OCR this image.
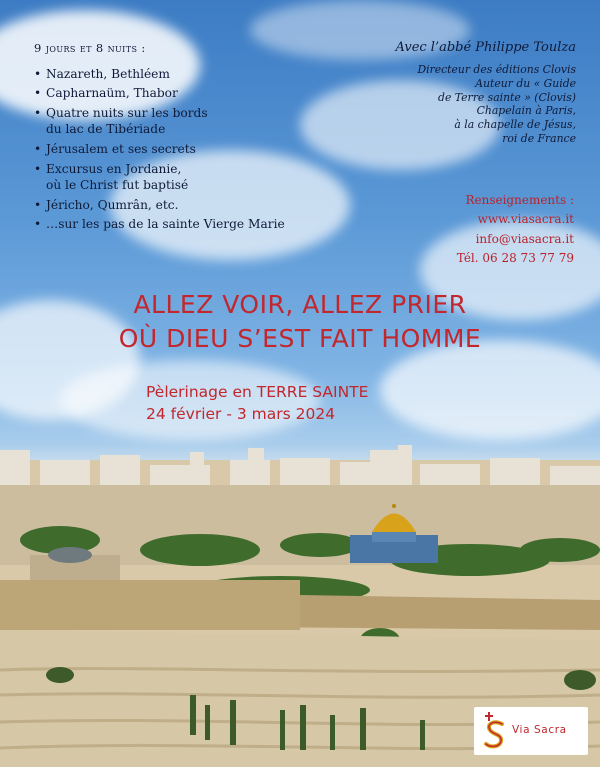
9 jours et 8 nuits :
• Nazareth, Bethléem
• Capharnaüm, Thabor
• Quatre nuits sur les bords
du lac de Tibériade
• Jérusalem et ses secrets
• Excursus en Jordanie,
où le Christ fut baptisé
• Jéricho, Qumrân, etc.
• …sur les pas de la sainte Vierge Marie
Avec l’abbé Philippe Toulza
Directeur des éditions Clovis
Auteur du « Guide
de Terre sainte » (Clovis)
Chapelain à Paris,
à la chapelle de Jésus,
roi de France
Renseignements :
www.viasacra.it
info@viasacra.it
Tél. 06 28 73 77 79
ALLEZ VOIR, ALLEZ PRIER
OÙ DIEU S’EST FAIT HOMME
Pèlerinage en TERRE SAINTE
24 février - 3 mars 2024
Via Sacra
